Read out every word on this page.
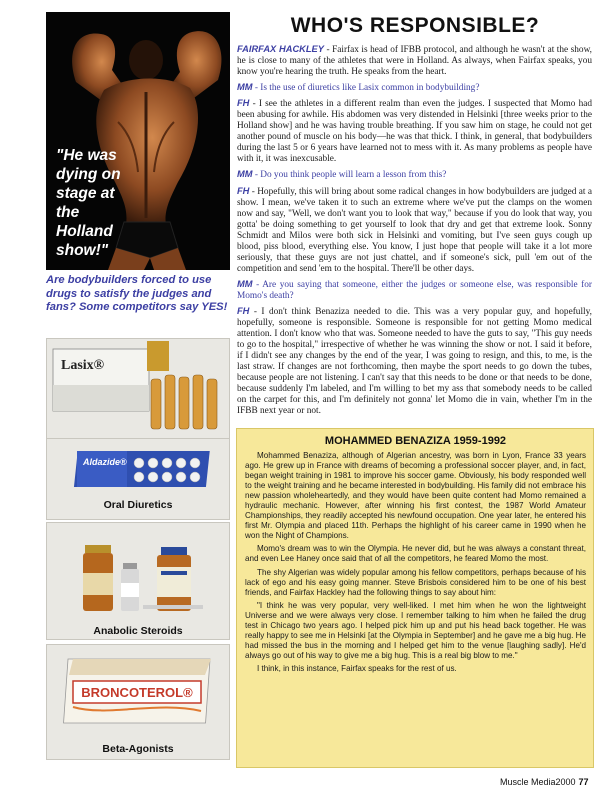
"He was dying on stage at the Holland show!"
Are bodybuilders forced to use drugs to satisfy the judges and fans? Some competitors say YES!
Lasix®
Aldazide®
Oral Diuretics
Anabolic Steroids
BRONCOTEROL®
Beta-Agonists
WHO'S RESPONSIBLE?

FAIRFAX HACKLEY - Fairfax is head of IFBB protocol, and although he wasn't at the show, he is close to many of the athletes that were in Holland. As always, when Fairfax speaks, you know you're hearing the truth. He speaks from the heart.

MM - Is the use of diuretics like Lasix common in bodybuilding?

FH - I see the athletes in a different realm than even the judges. I suspected that Momo had been abusing for awhile. His abdomen was very distended in Helsinki [three weeks prior to the Holland show] and he was having trouble breathing. If you saw him on stage, he could not get another pound of muscle on his body—he was that thick. I think, in general, that bodybuilders during the last 5 or 6 years have learned not to mess with it. As many problems as people have with it, it was inexcusable.

MM - Do you think people will learn a lesson from this?

FH - Hopefully, this will bring about some radical changes in how bodybuilders are judged at a show. I mean, we've taken it to such an extreme where we've put the clamps on the women now and say, "Well, we don't want you to look that way," because if you do look that way, you gotta' be doing something to get yourself to look that dry and get that extreme look. Sonny Schmidt and Milos were both sick in Helsinki and vomiting, but I've seen guys cough up blood, piss blood, everything else. You know, I just hope that people will take it a lot more seriously, that these guys are not just chattel, and if someone's sick, pull 'em out of the competition and send 'em to the hospital. There'll be other days.

MM - Are you saying that someone, either the judges or someone else, was responsible for Momo's death?

FH - I don't think Benaziza needed to die. This was a very popular guy, and hopefully, hopefully, someone is responsible. Someone is responsible for not getting Momo medical attention. I don't know who that was. Someone needed to have the guts to say, "This guy needs to go to the hospital," irrespective of whether he was winning the show or not. I said it before, if I didn't see any changes by the end of the year, I was going to resign, and this, to me, is the last straw. If changes are not forthcoming, then maybe the sport needs to go down the tubes, because people are not listening. I can't say that this needs to be done or that needs to be done, because suddenly I'm labeled, and I'm willing to bet my ass that somebody needs to be called on the carpet for this, and I'm definitely not gonna' let Momo die in vain, whether I'm in the IFBB next year or not.

MOHAMMED BENAZIZA 1959-1992

Mohammed Benaziza, although of Algerian ancestry, was born in Lyon, France 33 years ago. He grew up in France with dreams of becoming a professional soccer player, and, in fact, began weight training in 1981 to improve his soccer game. Obviously, his body responded well to the weight training and he became interested in bodybuilding. His family did not embrace his new passion wholeheartedly, and they would have been quite content had Momo remained a hydraulic mechanic. However, after winning his first contest, the 1987 World Amateur Championships, they readily accepted his newfound occupation. One year later, he entered his first Mr. Olympia and placed 11th. Perhaps the highlight of his career came in 1990 when he won the Night of Champions.

Momo's dream was to win the Olympia. He never did, but he was always a constant threat, and even Lee Haney once said that of all the competitors, he feared Momo the most.

The shy Algerian was widely popular among his fellow competitors, perhaps because of his lack of ego and his easy going manner. Steve Brisbois considered him to be one of his best friends, and Fairfax Hackley had the following things to say about him:

"I think he was very popular, very well-liked. I met him when he won the lightweight Universe and we were always very close. I remember talking to him when he failed the drug test in Chicago two years ago. I helped pick him up and put his head back together. He was really happy to see me in Helsinki [at the Olympia in September] and he gave me a big hug. He had missed the bus in the morning and I helped get him to the venue [laughing sadly]. He'd always go out of his way to give me a big hug. This is a real big blow to me."

I think, in this instance, Fairfax speaks for the rest of us.

Muscle Media2000 77
